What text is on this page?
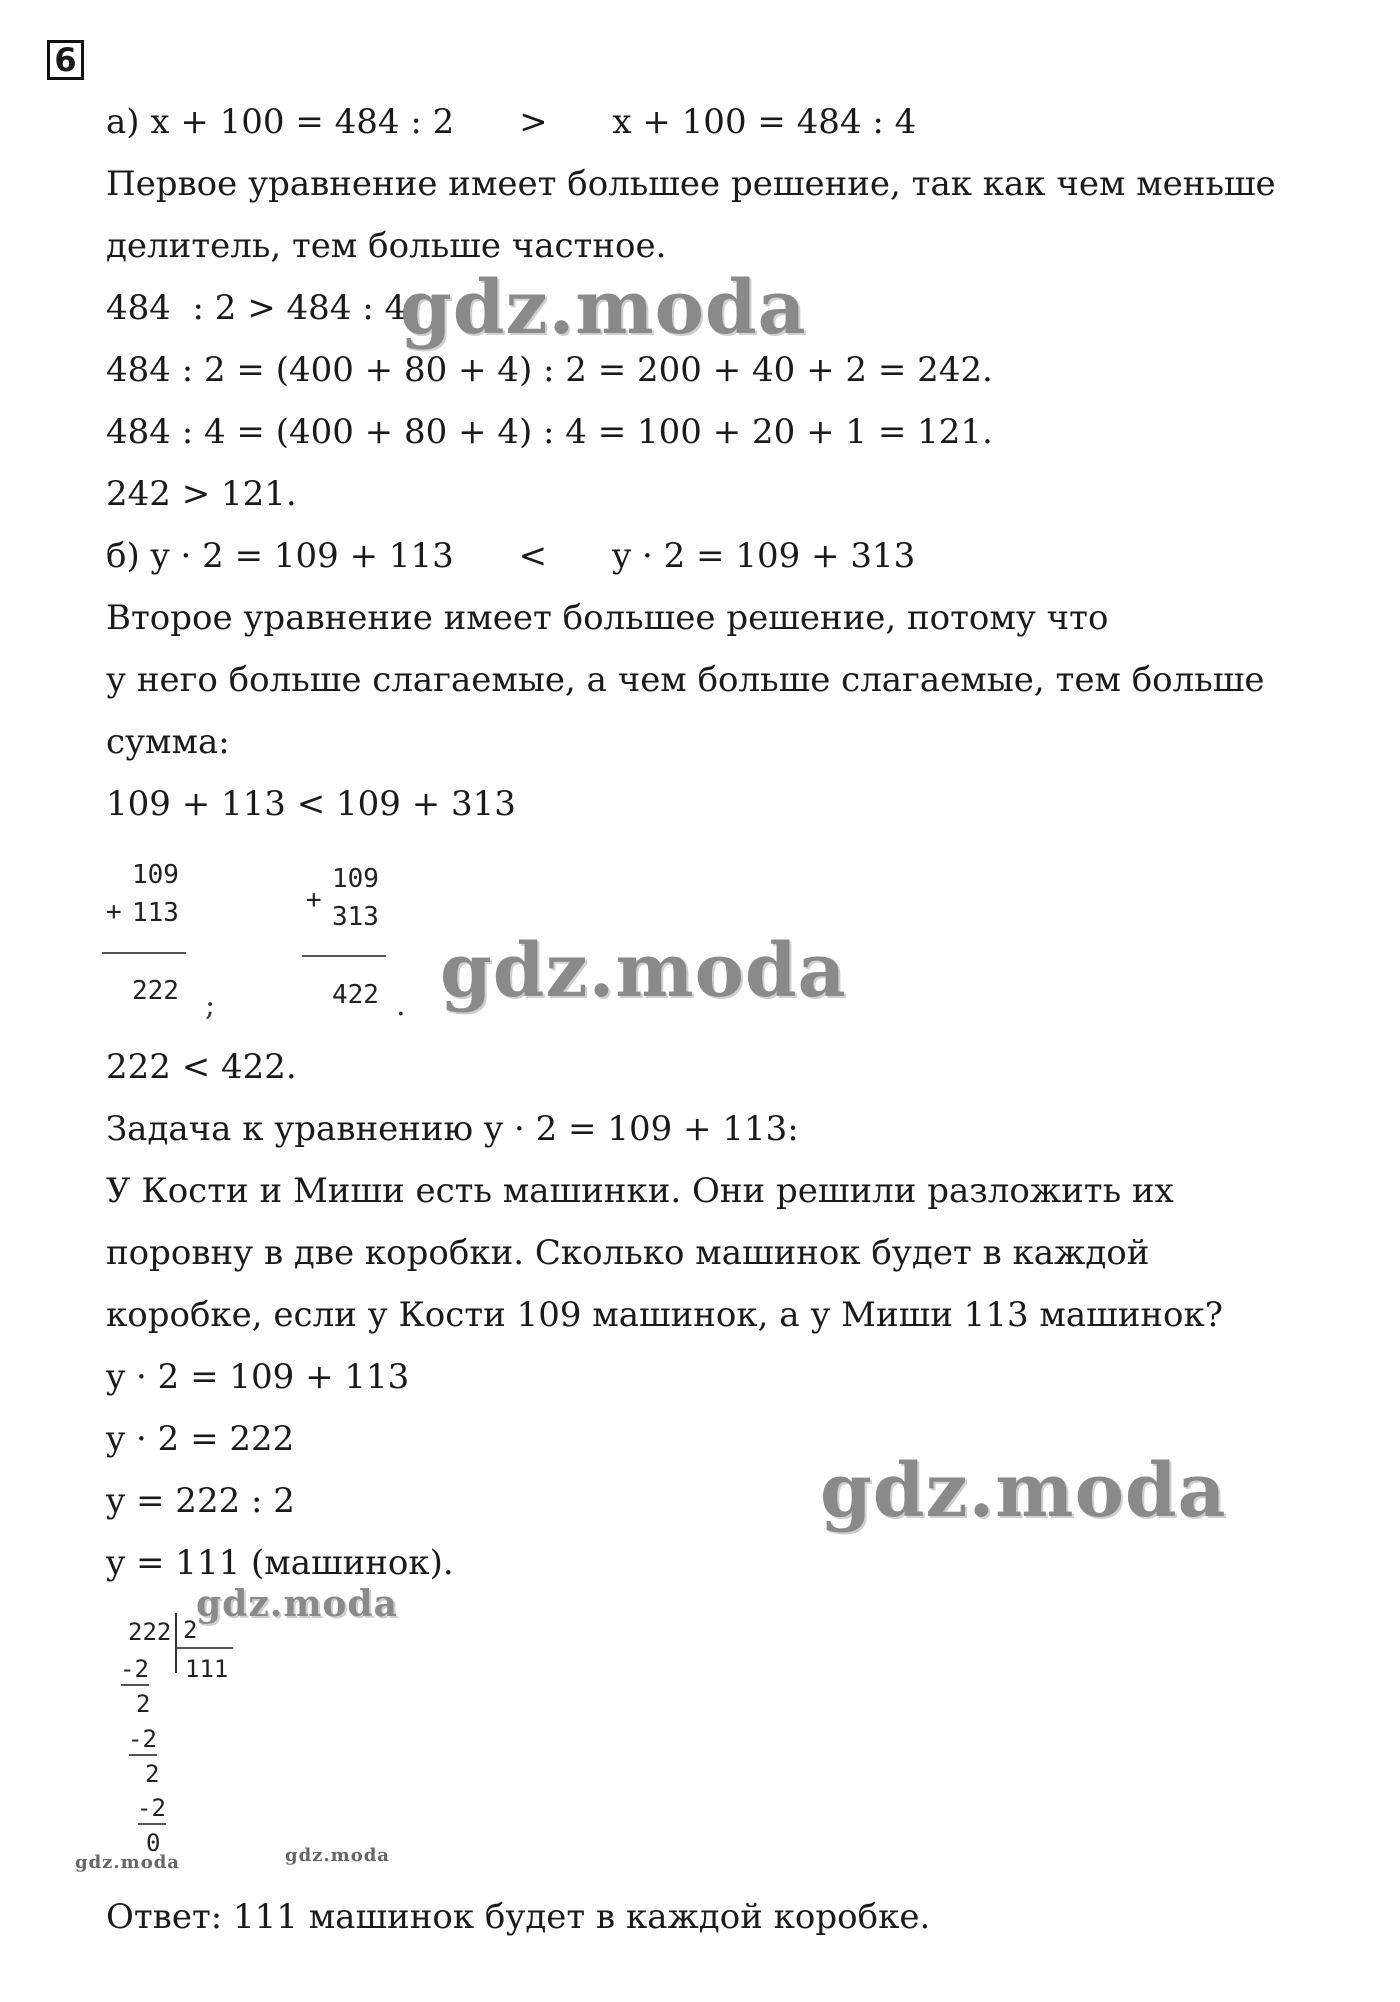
6
а) x + 100 = 484 : 2      >      x + 100 = 484 : 4
Первое уравнение имеет большее решение, так как чем меньше
делитель, тем больше частное.
484  : 2 > 484 : 4
484 : 2 = (400 + 80 + 4) : 2 = 200 + 40 + 2 = 242.
484 : 4 = (400 + 80 + 4) : 4 = 100 + 20 + 1 = 121.
242 > 121.
б) y · 2 = 109 + 113      <      y · 2 = 109 + 313
Второе уравнение имеет большее решение, потому что
у него больше слагаемые, а чем больше слагаемые, тем больше
сумма:
109 + 113 < 109 + 313
+
109
113
222 ;
+
109
313
422 .
222 < 422.
Задача к уравнению y · 2 = 109 + 113:
У Кости и Миши есть машинки. Они решили разложить их
поровну в две коробки. Сколько машинок будет в каждой
коробке, если у Кости 109 машинок, а у Миши 113 машинок?
y · 2 = 109 + 113
y · 2 = 222
y = 222 : 2
y = 111 (машинок).
222 2
111
-2
2
-2
2
-2
0
Ответ: 111 машинок будет в каждой коробке.
gdz.moda
gdz.moda
gdz.moda
gdz.moda
gdz.moda	gdz.moda
